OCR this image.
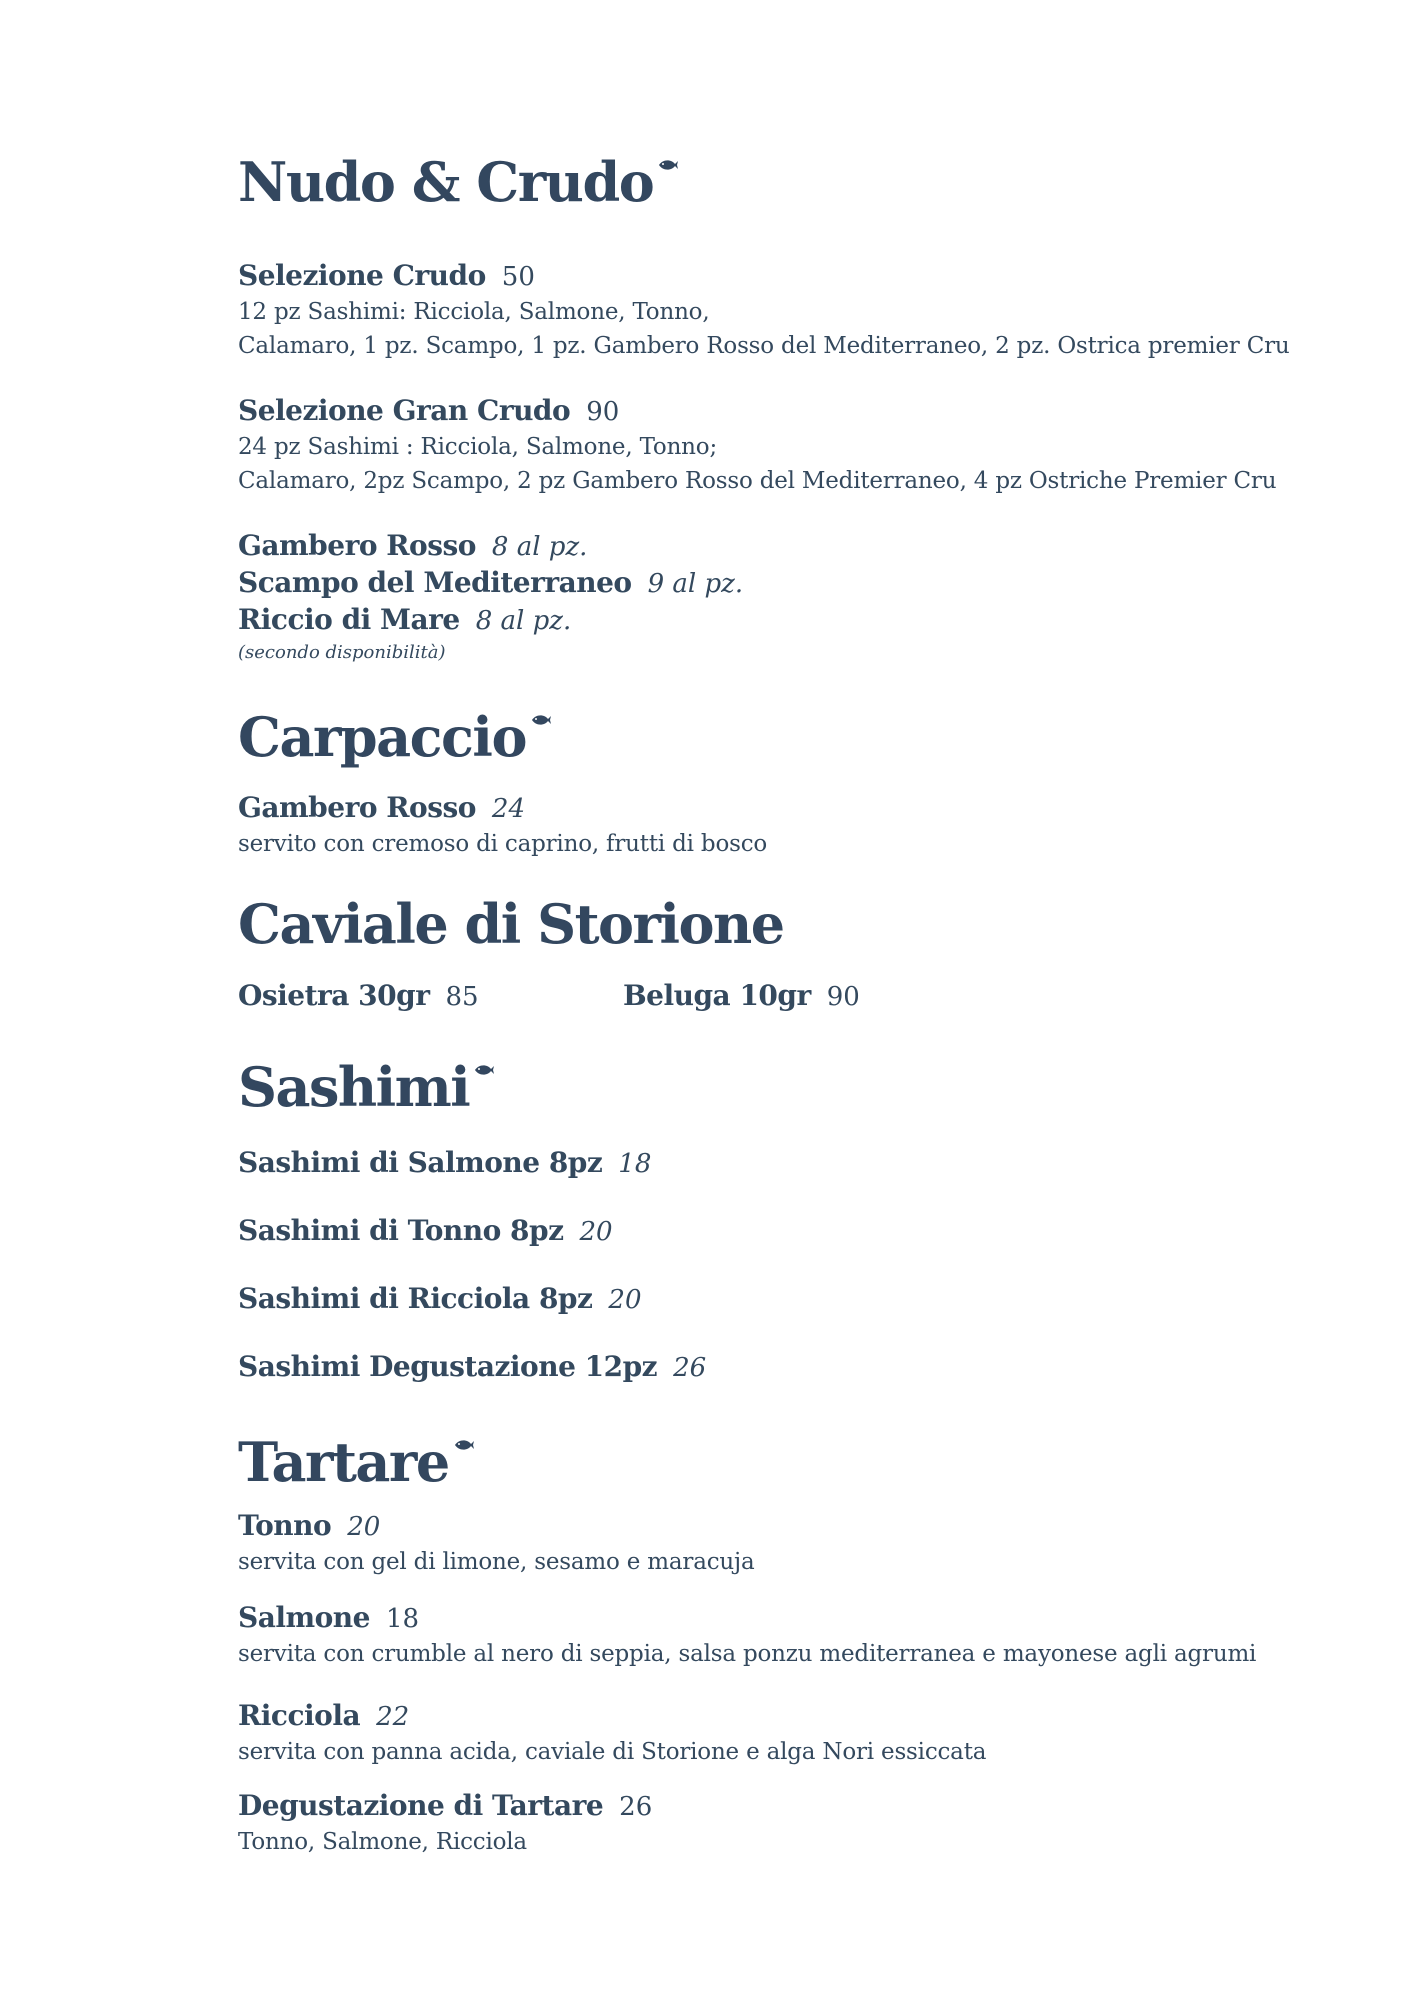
Nudo & Crudo

Selezione Crudo 50

12 pz Sashimi: Ricciola, Salmone, Tonno,

Calamaro, 1 pz. Scampo, 1 pz. Gambero Rosso del Mediterraneo, 2 pz. Ostrica premier Cru

Selezione Gran Crudo 90

24 pz Sashimi : Ricciola, Salmone, Tonno;

Calamaro, 2pz Scampo, 2 pz Gambero Rosso del Mediterraneo, 4 pz Ostriche Premier Cru

Gambero Rosso 8 al pz.

Scampo del Mediterraneo 9 al pz.

Riccio di Mare 8 al pz.

(secondo disponibilità)

Carpaccio

Gambero Rosso 24

servito con cremoso di caprino, frutti di bosco

Caviale di Storione

Osietra 30gr 85	Beluga 10gr 90

Sashimi

Sashimi di Salmone 8pz 18

Sashimi di Tonno 8pz 20

Sashimi di Ricciola 8pz 20

Sashimi Degustazione 12pz 26

Tartare

Tonno 20

servita con gel di limone, sesamo e maracuja

Salmone 18

servita con crumble al nero di seppia, salsa ponzu mediterranea e mayonese agli agrumi

Ricciola 22

servita con panna acida, caviale di Storione e alga Nori essiccata

Degustazione di Tartare 26

Tonno, Salmone, Ricciola
